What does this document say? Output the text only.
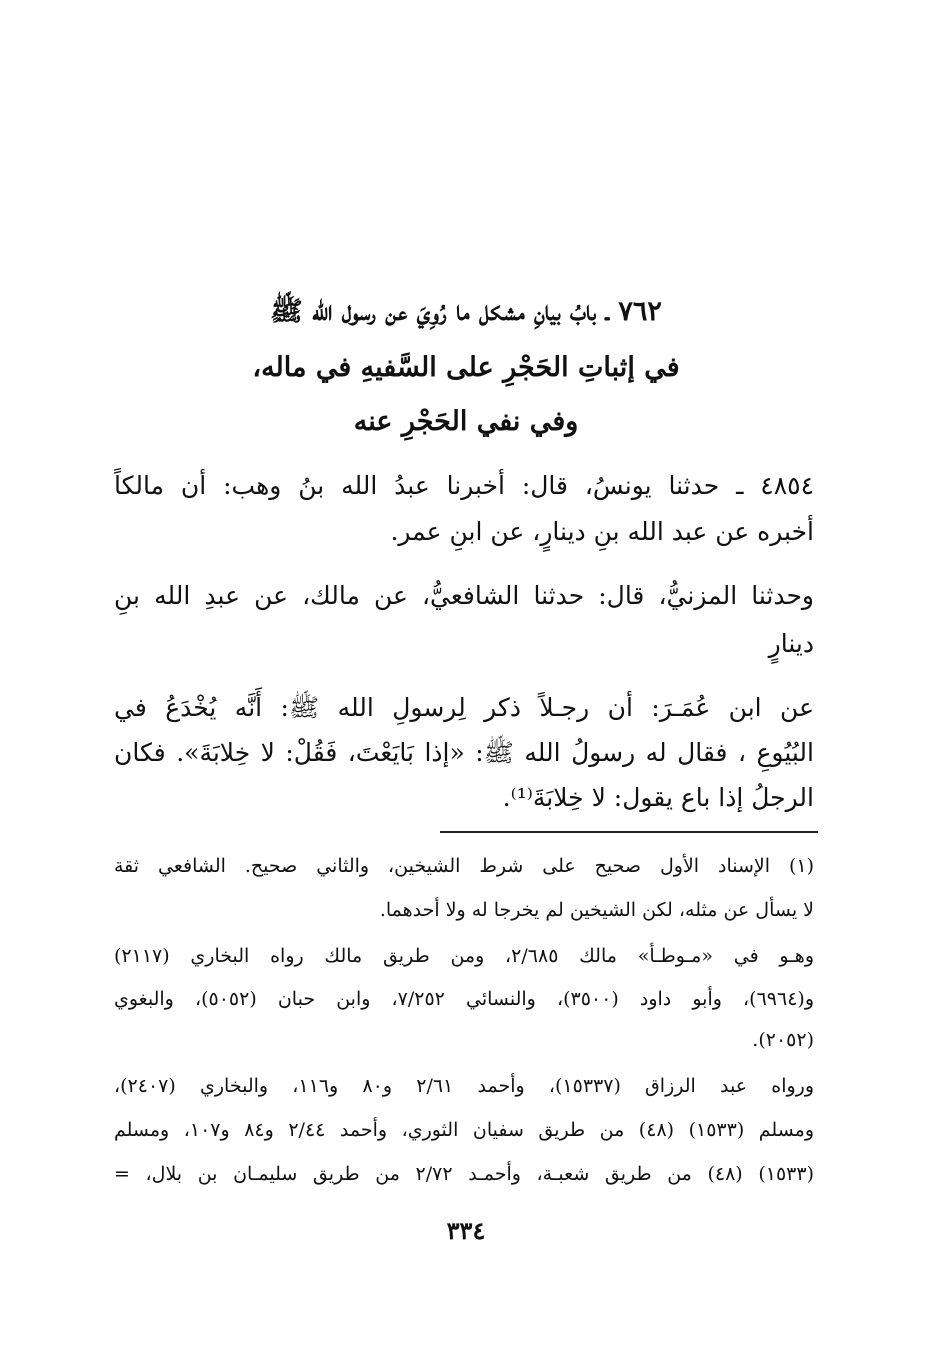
٧٦٢ ـ بابُ بيانِ مشكل ما رُوِيَ عن رسول الله ﷺ
في إثباتِ الحَجْرِ على السَّفيهِ في ماله،
وفي نفي الحَجْرِ عنه
٤٨٥٤ ـ حدثنا يونسُ، قال: أخبرنا عبدُ الله بنُ وهب: أن مالكاً
أخبره عن عبد الله بنِ دينارٍ، عن ابنِ عمر.
وحدثنا المزنيُّ، قال: حدثنا الشافعيُّ، عن مالك، عن عبدِ الله بنِ
دينارٍ
عن ابن عُمَـرَ: أن رجـلاً ذكر لِرسولِ الله ﷺ: أَنَّه يُخْدَعُ في
البُيُوعِ ، فقال له رسولُ الله ﷺ: «إذا بَايَعْتَ، فَقُلْ: لا خِلابَةَ». فكان
الرجلُ إذا باع يقول: لا خِلابَةَ⁽¹⁾.
(١) الإسناد الأول صحيح على شرط الشيخين، والثاني صحيح. الشافعي ثقة
لا يسأل عن مثله، لكن الشيخين لم يخرجا له ولا أحدهما.
وهـو في «مـوطـأ» مالك ٢/٦٨٥، ومن طريق مالك رواه البخاري (٢١١٧)
و(٦٩٦٤)، وأبو داود (٣٥٠٠)، والنسائي ٧/٢٥٢، وابن حبان (٥٠٥٢)، والبغوي
(٢٠٥٢).
ورواه عبد الرزاق (١٥٣٣٧)، وأحمد ٢/٦١ و٨٠ و١١٦، والبخاري (٢٤٠٧)،
ومسلم (١٥٣٣) (٤٨) من طريق سفيان الثوري، وأحمد ٢/٤٤ و٨٤ و١٠٧، ومسلم
(١٥٣٣) (٤٨) من طريق شعبـة، وأحمـد ٢/٧٢ من طريق سليمـان بن بلال، =
٣٣٤
